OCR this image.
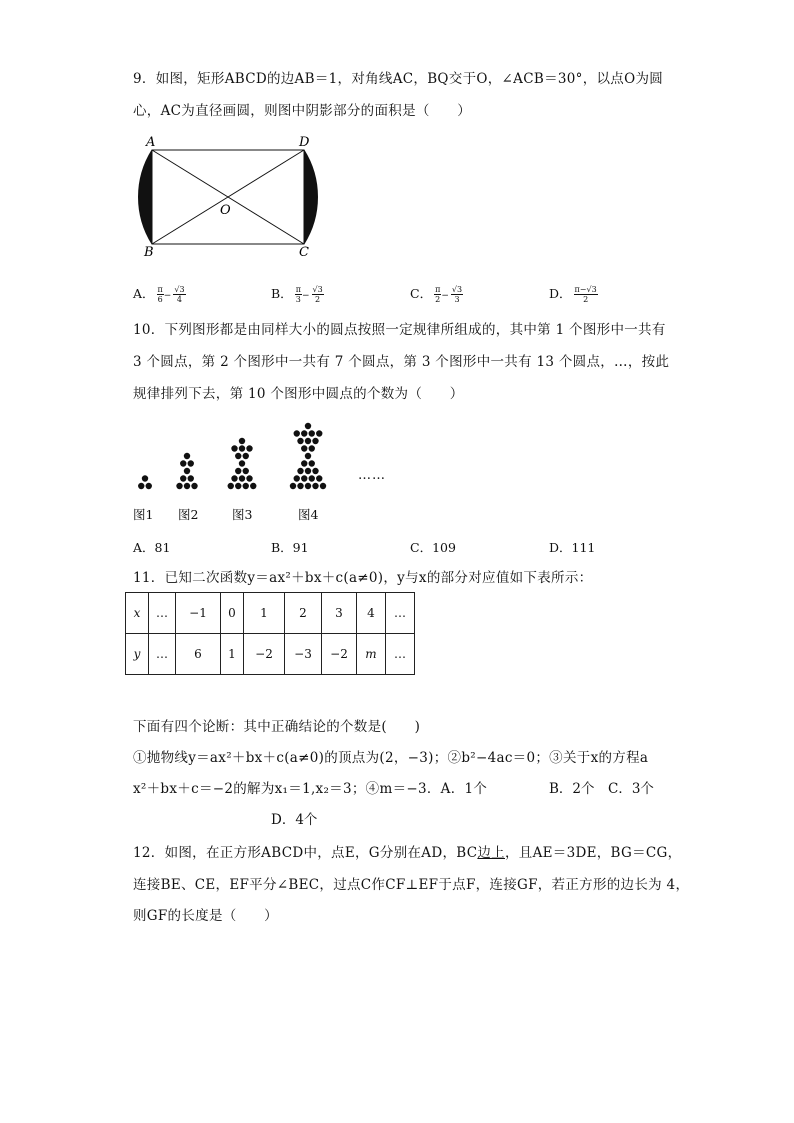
9．如图，矩形ABCD的边AB＝1，对角线AC，BQ交于O，∠ACB＝30°，以点O为圆
心，AC为直径画圆，则图中阴影部分的面积是（　　）
A	D
O
B	C
A． $\frac{\pi}{6} - \frac{√3}{4}$	B． $\frac{\pi}{3} - \frac{√3}{2}$	C． $\frac{\pi}{2} - \frac{√3}{3}$	D． $\frac{\pi-√3}{2}$
10．下列图形都是由同样大小的圆点按照一定规律所组成的，其中第 1 个图形中一共有
3 个圆点，第 2 个图形中一共有 7 个圆点，第 3 个图形中一共有 13 个圆点，…，按此
规律排列下去，第 10 个图形中圆点的个数为（　　）
……
图1 图2	图3	图4
A．81	B．91	C．109	D．111
11．已知二次函数y＝ax²＋bx＋c(a≠0)，y与x的部分对应值如下表所示：
x	…	−1	0	1	2	3	4	…
y	…	6	1	−2	−3	−2	m	…
下面有四个论断：其中正确结论的个数是(　　)
①抛物线y＝ax²＋bx＋c(a≠0)的顶点为(2，−3)；②b²−4ac＝0；③关于x的方程a
x²＋bx＋c＝−2的解为x₁＝1,x₂＝3；④m＝−3．A．1个	B．2个　C．3个
D．4个
12．如图，在正方形ABCD中，点E，G分别在AD，BC边上，且AE＝3DE，BG＝CG，
连接BE、CE，EF平分∠BEC，过点C作CF⊥EF于点F，连接GF，若正方形的边长为 4，
则GF的长度是（　　）
